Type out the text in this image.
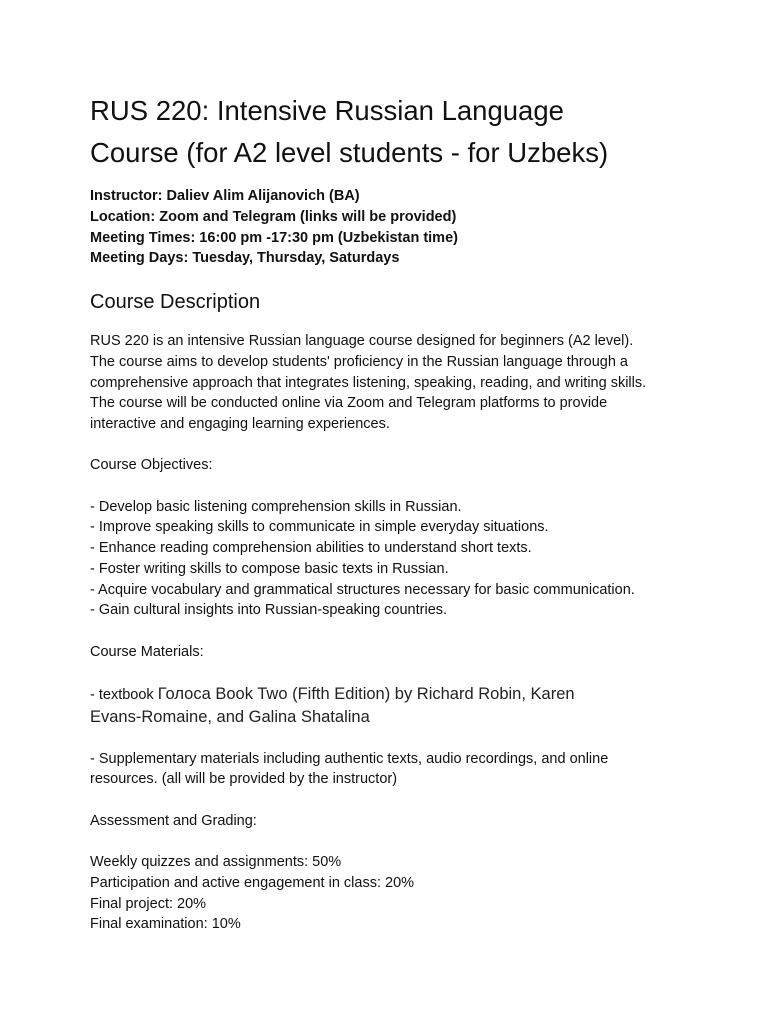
RUS 220: Intensive Russian Language
Course (for A2 level students - for Uzbeks)
Instructor: Daliev Alim Alijanovich (BA)
Location: Zoom and Telegram (links will be provided)
Meeting Times: 16:00 pm -17:30 pm (Uzbekistan time)
Meeting Days: Tuesday, Thursday, Saturdays
Course Description
RUS 220 is an intensive Russian language course designed for beginners (A2 level).
The course aims to develop students' proficiency in the Russian language through a
comprehensive approach that integrates listening, speaking, reading, and writing skills.
The course will be conducted online via Zoom and Telegram platforms to provide
interactive and engaging learning experiences.
Course Objectives:
- Develop basic listening comprehension skills in Russian.
- Improve speaking skills to communicate in simple everyday situations.
- Enhance reading comprehension abilities to understand short texts.
- Foster writing skills to compose basic texts in Russian.
- Acquire vocabulary and grammatical structures necessary for basic communication.
- Gain cultural insights into Russian-speaking countries.
Course Materials:
- textbook Голоса Book Two (Fifth Edition) by Richard Robin, Karen
Evans-Romaine, and Galina Shatalina
- Supplementary materials including authentic texts, audio recordings, and online
resources. (all will be provided by the instructor)
Assessment and Grading:
Weekly quizzes and assignments: 50%
Participation and active engagement in class: 20%
Final project: 20%
Final examination: 10%
